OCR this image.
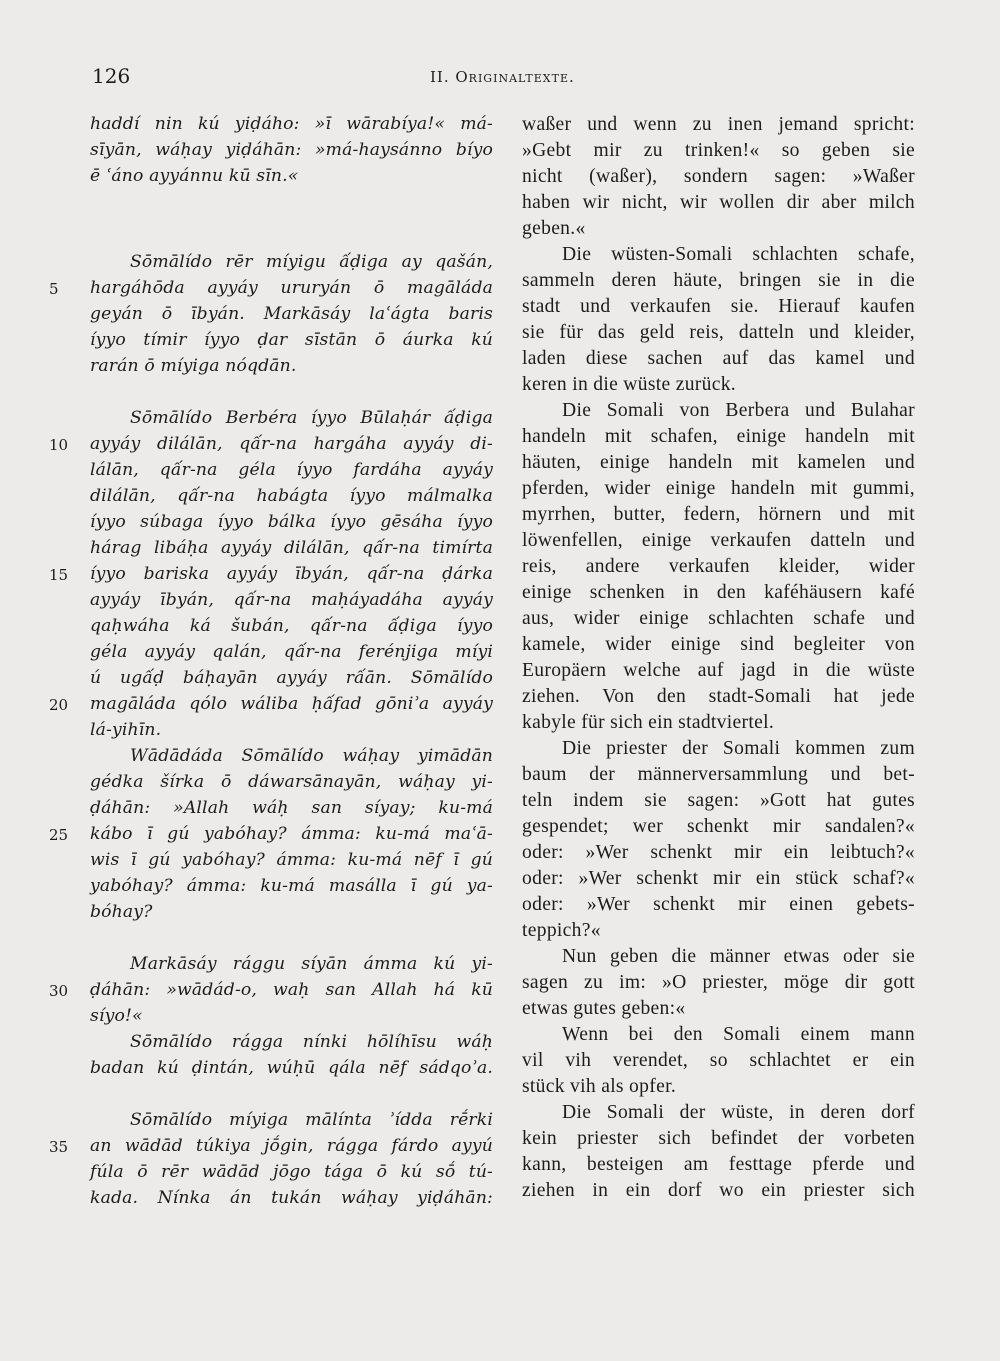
126	II. Originaltexte.
haddí nin kú yiḍáho: »ī wārabíya!« má-
sīyān, wáḥay yiḍáhān: »má-haysánno bíyo
ē ʿáno ayyánnu kū sīn.«
Sōmālído rēr míyigu ấḍiga ay qašán,
hargáhōda ayyáy ururyán ō magāláda
geyán ō ībyán. Markāsáy laʿágta baris
íyyo tímir íyyo ḍar sīstān ō áurka kú
rarán ō míyiga nóqdān.
Sōmālído Berbéra íyyo Būlaḥár ấḍiga
ayyáy dilálān, qấr-na hargáha ayyáy di-
lálān, qấr-na géla íyyo fardáha ayyáy
dilálān, qấr-na habágta íyyo málmalka
íyyo súbaga íyyo bálka íyyo gēsáha íyyo
hárag libáḥa ayyáy dilálān, qấr-na timírta
íyyo bariska ayyáy ībyán, qấr-na ḍárka
ayyáy ībyán, qấr-na maḥáyadáha ayyáy
qaḥwáha ká šubán, qấr-na ấḍiga íyyo
géla ayyáy qalán, qấr-na ferénjiga míyi
ú ugấḍ báḥayān ayyáy rấān. Sōmālído
magāláda qólo wáliba ḥấfad gōniʾa ayyáy
lá-yihīn.
Wādādáda Sōmālído wáḥay yimādān
gédka šírka ō dáwarsānayān, wáḥay yi-
ḍáhān: »Allah wáḥ san síyay; ku-má
kábo ī gú yabóhay? ámma: ku-má maʿā-
wis ī gú yabóhay? ámma: ku-má nēf ī gú
yabóhay? ámma: ku-má masálla ī gú ya-
bóhay?
Markāsáy rággu síyān ámma kú yi-
ḍáhān: »wādád-o, waḥ san Allah há kū
síyo!«
Sōmālído rágga nínki hōlíhīsu wáḥ
badan kú ḍintán, wúḥū qála nēf sádqoʾa.
Sōmālído míyiga mālínta ʾídda rḗrki
an wādād túkiya jṓgin, rágga fárdo ayyú
fúla ō rēr wādād jōgo tága ō kú sṓ tú-
kada. Nínka án tukán wáḥay yiḍáhān:
waßer und wenn zu inen jemand spricht:
»Gebt mir zu trinken!« so geben sie
nicht (waßer), sondern sagen: »Waßer
haben wir nicht, wir wollen dir aber milch
geben.«
Die wüsten-Somali schlachten schafe,
sammeln deren häute, bringen sie in die
stadt und verkaufen sie. Hierauf kaufen
sie für das geld reis, datteln und kleider,
laden diese sachen auf das kamel und
keren in die wüste zurück.
Die Somali von Berbera und Bulahar
handeln mit schafen, einige handeln mit
häuten, einige handeln mit kamelen und
pferden, wider einige handeln mit gummi,
myrrhen, butter, federn, hörnern und mit
löwenfellen, einige verkaufen datteln und
reis, andere verkaufen kleider, wider
einige schenken in den kaféhäusern kafé
aus, wider einige schlachten schafe und
kamele, wider einige sind begleiter von
Europäern welche auf jagd in die wüste
ziehen. Von den stadt-Somali hat jede
kabyle für sich ein stadtviertel.
Die priester der Somali kommen zum
baum der männerversammlung und bet-
teln indem sie sagen: »Gott hat gutes
gespendet; wer schenkt mir sandalen?«
oder: »Wer schenkt mir ein leibtuch?«
oder: »Wer schenkt mir ein stück schaf?«
oder: »Wer schenkt mir einen gebets-
teppich?«
Nun geben die männer etwas oder sie
sagen zu im: »O priester, möge dir gott
etwas gutes geben:«
Wenn bei den Somali einem mann
vil vih verendet, so schlachtet er ein
stück vih als opfer.
Die Somali der wüste, in deren dorf
kein priester sich befindet der vorbeten
kann, besteigen am festtage pferde und
ziehen in ein dorf wo ein priester sich
5
10
15
20
25
30
35
